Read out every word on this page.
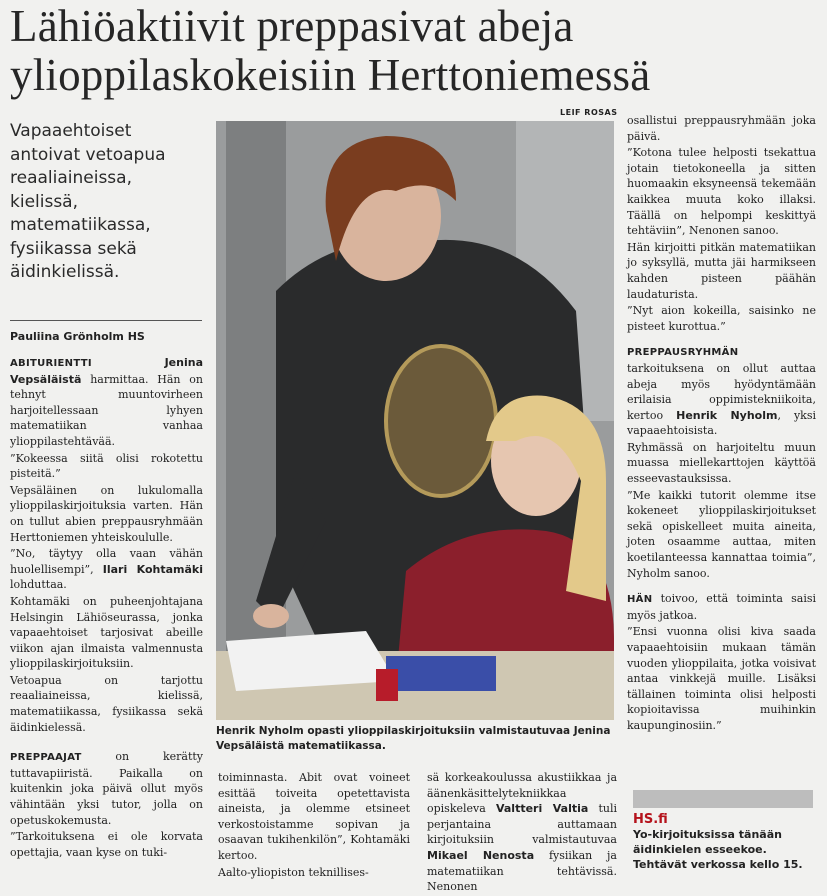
Lähiöaktiivit preppasivat abeja
ylioppilaskokeisiin Herttoniemessä
Vapaaehtoiset antoivat vetoapua reaaliaineissa, kielissä, matematiikassa, fysiikassa sekä äidinkielissä.
Pauliina Grönholm HS

ABITURIENTTI	Jenina Vepsäläistä harmittaa. Hän on tehnyt muuntovirheen harjoitellessaan lyhyen matematiikan vanhaa ylioppilastehtävää.

”Kokeessa siitä olisi rokotettu pisteitä.”

Vepsäläinen on lukulomalla ylioppilaskirjoituksia varten. Hän on tullut abien preppausryhmään Herttoniemen yhteiskoululle.

”No, täytyy olla vaan vähän huolellisempi”, Ilari Kohtamäki lohduttaa.

Kohtamäki on puheenjohtajana Helsingin Lähiöseurassa, jonka vapaaehtoiset tarjosivat abeille viikon ajan ilmaista valmennusta ylioppilaskirjoituksiin.

Vetoapua on tarjottu reaaliaineissa, kielissä, matematiikassa, fysiikassa sekä äidinkielessä.

PREPPAAJAT	on kerätty tuttavapiiristä. Paikalla on kuitenkin joka päivä ollut myös vähintään yksi tutor, jolla on opetuskokemusta.

”Tarkoituksena ei ole korvata opettajia, vaan kyse on tuki-

LEIF ROSAS
Henrik Nyholm opasti ylioppilaskirjoituksiin valmistautuvaa Jenina Vepsäläistä matematiikassa.

toiminnasta. Abit ovat voineet esittää toiveita opetettavista aineista, ja olemme etsineet verkostoistamme sopivan ja osaavan tukihenkilön”, Kohtamäki kertoo.

Aalto-yliopiston teknillises-

sä korkeakoulussa akustiikkaa ja äänenkäsittelytekniikkaa opiskeleva Valtteri Valtia tuli perjantaina auttamaan kirjoituksiin valmistautuvaa Mikael Nenosta fysiikan ja matematiikan tehtävissä. Nenonen

osallistui preppausryhmään joka päivä.

”Kotona tulee helposti tsekattua jotain tietokoneella ja sitten huomaakin eksyneensä tekemään kaikkea muuta koko illaksi. Täällä on helpompi keskittyä tehtäviin”, Nenonen sanoo.

Hän kirjoitti pitkän matematiikan jo syksyllä, mutta jäi harmikseen kahden pisteen päähän laudaturista.

”Nyt aion kokeilla, saisinko ne pisteet kurottua.”

PREPPAUSRYHMÄN tarkoituksena on ollut auttaa abeja myös hyödyntämään erilaisia oppimistekniikoita, kertoo Henrik Nyholm, yksi vapaaehtoisista.

Ryhmässä on harjoiteltu muun muassa miellekarttojen käyttöä esseevastauksissa.

”Me kaikki tutorit olemme itse kokeneet ylioppilaskirjoitukset sekä opiskelleet muita aineita, joten osaamme auttaa, miten koetilanteessa kannattaa toimia”, Nyholm sanoo.

HÄN toivoo, että toiminta saisi myös jatkoa.

”Ensi vuonna olisi kiva saada vapaaehtoisiin mukaan tämän vuoden ylioppilaita, jotka voisivat antaa vinkkejä muille. Lisäksi tällainen toiminta olisi helposti kopioitavissa muihinkin kaupunginosiin.”

HS.fi
Yo-kirjoituksissa tänään äidinkielen esseekoe.
Tehtävät verkossa kello 15.
